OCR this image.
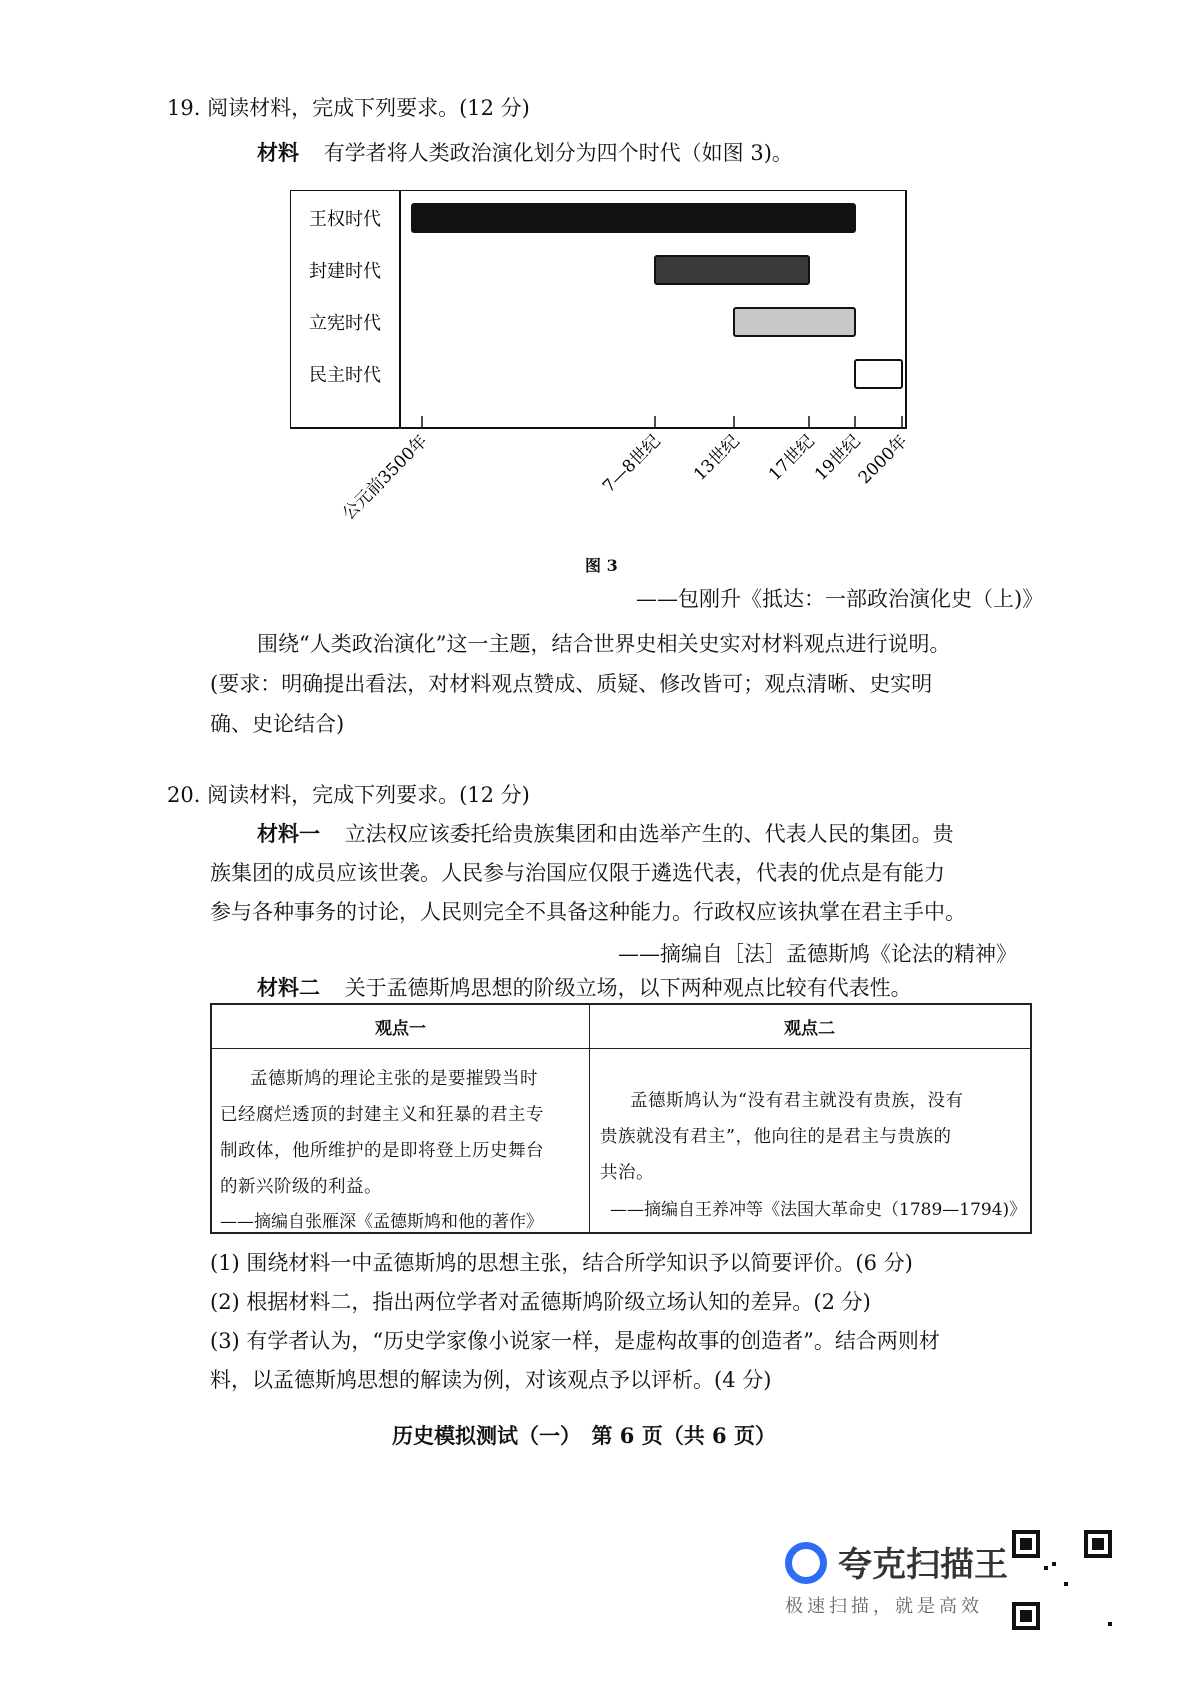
19. 阅读材料，完成下列要求。(12 分)
材料 有学者将人类政治演化划分为四个时代（如图 3)。
王权时代
封建时代
立宪时代
民主时代
公元前3500年	7—8世纪 13世纪 17世纪
19世纪
2000年
图 3
——包刚升《抵达：一部政治演化史（上)》
围绕“人类政治演化”这一主题，结合世界史相关史实对材料观点进行说明。
(要求：明确提出看法，对材料观点赞成、质疑、修改皆可；观点清晰、史实明
确、史论结合)
20. 阅读材料，完成下列要求。(12 分)
材料一 立法权应该委托给贵族集团和由选举产生的、代表人民的集团。贵
族集团的成员应该世袭。人民参与治国应仅限于遴选代表，代表的优点是有能力
参与各种事务的讨论，人民则完全不具备这种能力。行政权应该执掌在君主手中。
——摘编自［法］孟德斯鸠《论法的精神》
材料二 关于孟德斯鸠思想的阶级立场，以下两种观点比较有代表性。
观点一	观点二
孟德斯鸠的理论主张的是要摧毁当时
已经腐烂透顶的封建主义和狂暴的君主专
制政体，他所维护的是即将登上历史舞台
的新兴阶级的利益。
——摘编自张雁深《孟德斯鸠和他的著作》
孟德斯鸠认为“没有君主就没有贵族，没有
贵族就没有君主”，他向往的是君主与贵族的
共治。
——摘编自王养冲等《法国大革命史（1789—1794)》
(1) 围绕材料一中孟德斯鸠的思想主张，结合所学知识予以简要评价。(6 分)
(2) 根据材料二，指出两位学者对孟德斯鸠阶级立场认知的差异。(2 分)
(3) 有学者认为，“历史学家像小说家一样，是虚构故事的创造者”。结合两则材
料，以孟德斯鸠思想的解读为例，对该观点予以评析。(4 分)
历史模拟测试（一）　第 6 页（共 6 页）
夸克扫描王
极速扫描，就是高效
